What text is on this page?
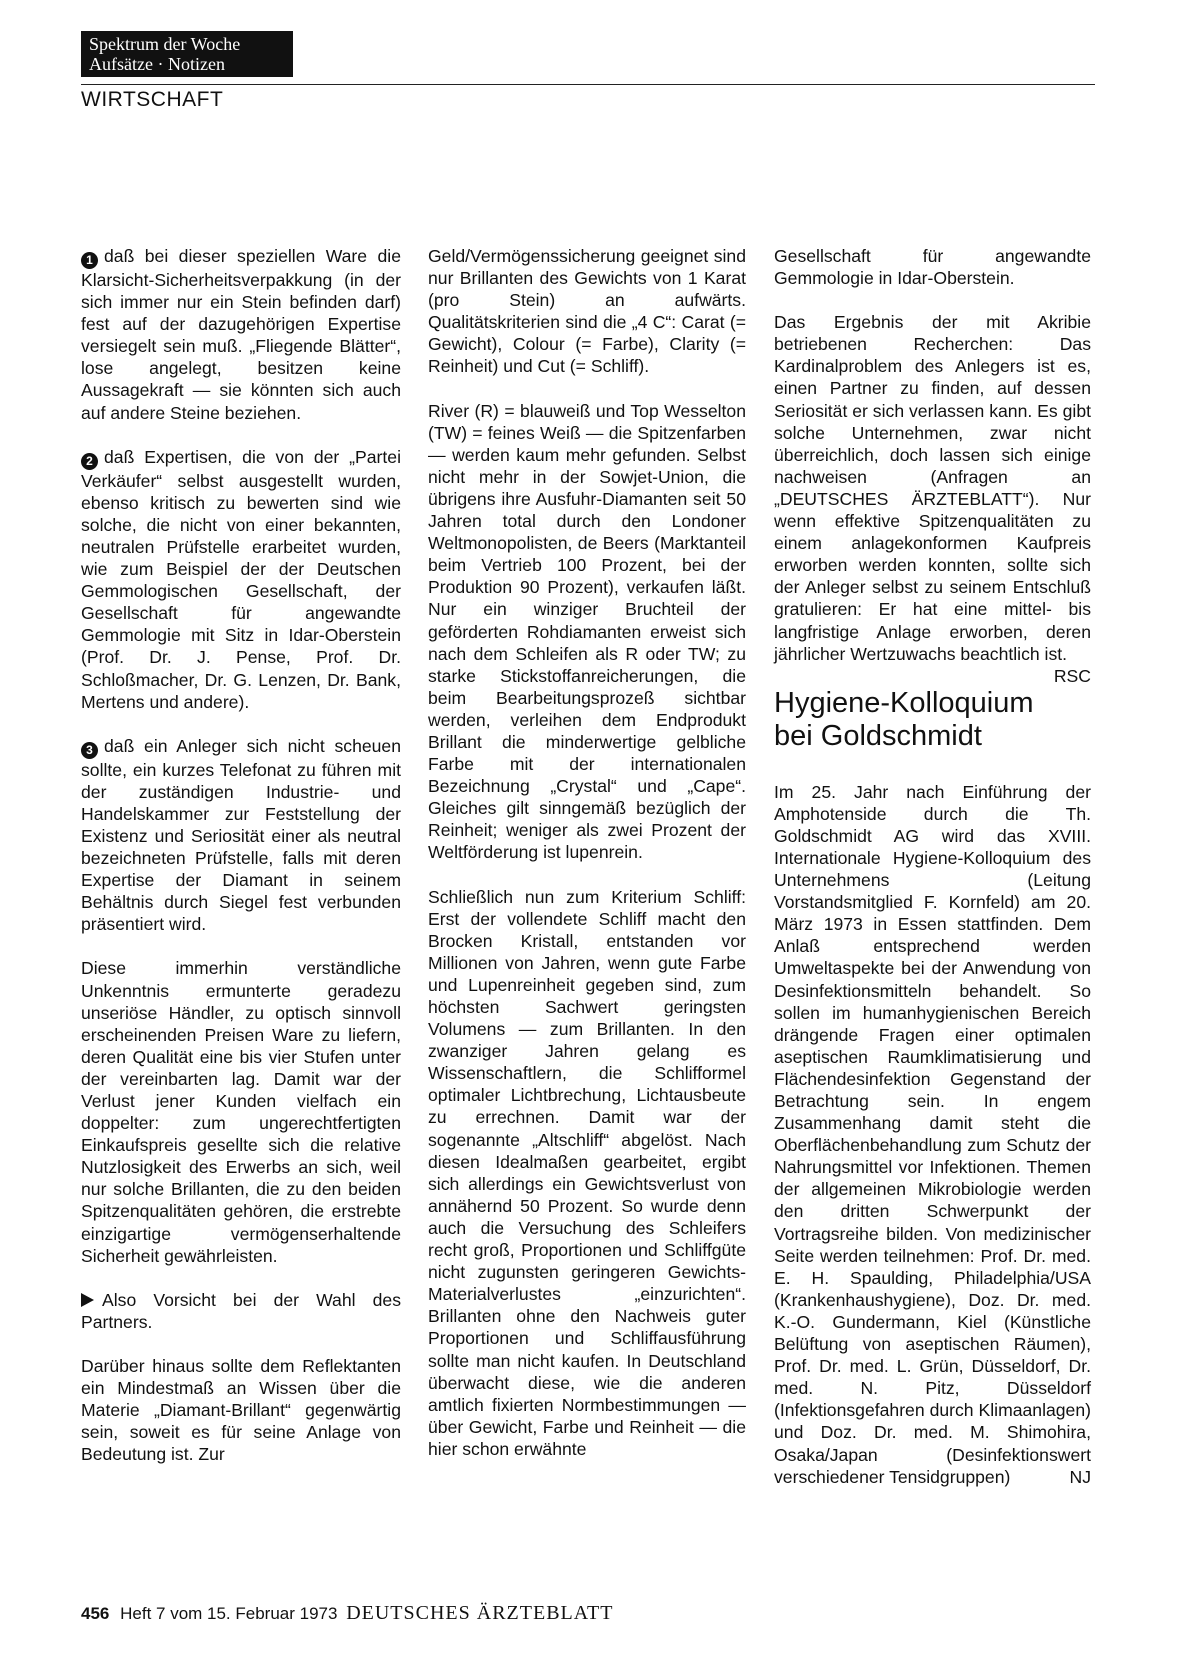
Spektrum der Woche
Aufsätze · Notizen
WIRTSCHAFT

1 daß bei dieser speziellen Ware die Klarsicht-Sicherheitsverpakkung (in der sich immer nur ein Stein befinden darf) fest auf der dazugehörigen Expertise versiegelt sein muß. „Fliegende Blätter“, lose angelegt, besitzen keine Aussagekraft — sie könnten sich auch auf andere Steine beziehen.

2 daß Expertisen, die von der „Partei Verkäufer“ selbst ausgestellt wurden, ebenso kritisch zu bewerten sind wie solche, die nicht von einer bekannten, neutralen Prüfstelle erarbeitet wurden, wie zum Beispiel der der Deutschen Gemmologischen Gesellschaft, der Gesellschaft für angewandte Gemmologie mit Sitz in Idar-Oberstein (Prof. Dr. J. Pense, Prof. Dr. Schloßmacher, Dr. G. Lenzen, Dr. Bank, Mertens und andere).

3 daß ein Anleger sich nicht scheuen sollte, ein kurzes Telefonat zu führen mit der zuständigen Industrie- und Handelskammer zur Feststellung der Existenz und Seriosität einer als neutral bezeichneten Prüfstelle, falls mit deren Expertise der Diamant in seinem Behältnis durch Siegel fest verbunden präsentiert wird.

Diese immerhin verständliche Unkenntnis ermunterte geradezu unseriöse Händler, zu optisch sinnvoll erscheinenden Preisen Ware zu liefern, deren Qualität eine bis vier Stufen unter der vereinbarten lag. Damit war der Verlust jener Kunden vielfach ein doppelter: zum ungerechtfertigten Einkaufspreis gesellte sich die relative Nutzlosigkeit des Erwerbs an sich, weil nur solche Brillanten, die zu den beiden Spitzenqualitäten gehören, die erstrebte einzigartige vermögenserhaltende Sicherheit gewährleisten.

Also Vorsicht bei der Wahl des Partners.

Darüber hinaus sollte dem Reflektanten ein Mindestmaß an Wissen über die Materie „Diamant-Brillant“ gegenwärtig sein, soweit es für seine Anlage von Bedeutung ist. Zur

Geld/Vermögenssicherung geeignet sind nur Brillanten des Gewichts von 1 Karat (pro Stein) an aufwärts. Qualitätskriterien sind die „4 C“: Carat (= Gewicht), Colour (= Farbe), Clarity (= Reinheit) und Cut (= Schliff).

River (R) = blauweiß und Top Wesselton (TW) = feines Weiß — die Spitzenfarben — werden kaum mehr gefunden. Selbst nicht mehr in der Sowjet-Union, die übrigens ihre Ausfuhr-Diamanten seit 50 Jahren total durch den Londoner Weltmonopolisten, de Beers (Marktanteil beim Vertrieb 100 Prozent, bei der Produktion 90 Prozent), verkaufen läßt. Nur ein winziger Bruchteil der geförderten Rohdiamanten erweist sich nach dem Schleifen als R oder TW; zu starke Stickstoffanreicherungen, die beim Bearbeitungsprozeß sichtbar werden, verleihen dem Endprodukt Brillant die minderwertige gelbliche Farbe mit der internationalen Bezeichnung „Crystal“ und „Cape“. Gleiches gilt sinngemäß bezüglich der Reinheit; weniger als zwei Prozent der Weltförderung ist lupenrein.

Schließlich nun zum Kriterium Schliff: Erst der vollendete Schliff macht den Brocken Kristall, entstanden vor Millionen von Jahren, wenn gute Farbe und Lupenreinheit gegeben sind, zum höchsten Sachwert geringsten Volumens — zum Brillanten. In den zwanziger Jahren gelang es Wissenschaftlern, die Schlifformel optimaler Lichtbrechung, Lichtausbeute zu errechnen. Damit war der sogenannte „Altschliff“ abgelöst. Nach diesen Idealmaßen gearbeitet, ergibt sich allerdings ein Gewichtsverlust von annähernd 50 Prozent. So wurde denn auch die Versuchung des Schleifers recht groß, Proportionen und Schliffgüte nicht zugunsten geringeren Gewichts-Materialverlustes „einzurichten“. Brillanten ohne den Nachweis guter Proportionen und Schliffausführung sollte man nicht kaufen. In Deutschland überwacht diese, wie die anderen amtlich fixierten Normbestimmungen — über Gewicht, Farbe und Reinheit — die hier schon erwähnte

Gesellschaft für angewandte Gemmologie in Idar-Oberstein.

Das Ergebnis der mit Akribie betriebenen Recherchen: Das Kardinalproblem des Anlegers ist es, einen Partner zu finden, auf dessen Seriosität er sich verlassen kann. Es gibt solche Unternehmen, zwar nicht überreichlich, doch lassen sich einige nachweisen (Anfragen an „DEUTSCHES ÄRZTEBLATT“). Nur wenn effektive Spitzenqualitäten zu einem anlagekonformen Kaufpreis erworben werden konnten, sollte sich der Anleger selbst zu seinem Entschluß gratulieren: Er hat eine mittel- bis langfristige Anlage erworben, deren jährlicher Wertzuwachs beachtlich ist.
RSC

Hygiene-Kolloquium bei Goldschmidt

Im 25. Jahr nach Einführung der Amphotenside durch die Th. Goldschmidt AG wird das XVIII. Internationale Hygiene-Kolloquium des Unternehmens (Leitung Vorstandsmitglied F. Kornfeld) am 20. März 1973 in Essen stattfinden. Dem Anlaß entsprechend werden Umweltaspekte bei der Anwendung von Desinfektionsmitteln behandelt. So sollen im humanhygienischen Bereich drängende Fragen einer optimalen aseptischen Raumklimatisierung und Flächendesinfektion Gegenstand der Betrachtung sein. In engem Zusammenhang damit steht die Oberflächenbehandlung zum Schutz der Nahrungsmittel vor Infektionen. Themen der allgemeinen Mikrobiologie werden den dritten Schwerpunkt der Vortragsreihe bilden. Von medizinischer Seite werden teilnehmen: Prof. Dr. med. E. H. Spaulding, Philadelphia/USA (Krankenhaushygiene), Doz. Dr. med. K.-O. Gundermann, Kiel (Künstliche Belüftung von aseptischen Räumen), Prof. Dr. med. L. Grün, Düsseldorf, Dr. med. N. Pitz, Düsseldorf (Infektionsgefahren durch Klimaanlagen) und Doz. Dr. med. M. Shimohira, Osaka/Japan (Desinfektionswert verschiedener Tensidgruppen)	NJ

456 Heft 7 vom 15. Februar 1973 DEUTSCHES ÄRZTEBLATT
